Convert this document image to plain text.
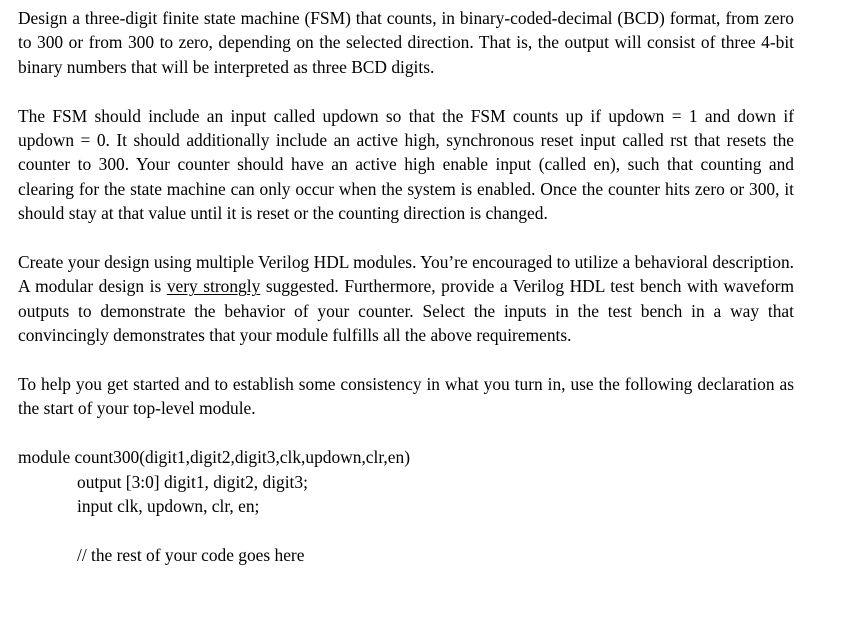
Design a three-digit finite state machine (FSM) that counts, in binary-coded-decimal (BCD) format, from zero to 300 or from 300 to zero, depending on the selected direction. That is, the output will consist of three 4-bit binary numbers that will be interpreted as three BCD digits.

The FSM should include an input called updown so that the FSM counts up if updown = 1 and down if updown = 0. It should additionally include an active high, synchronous reset input called rst that resets the counter to 300. Your counter should have an active high enable input (called en), such that counting and clearing for the state machine can only occur when the system is enabled. Once the counter hits zero or 300, it should stay at that value until it is reset or the counting direction is changed.

Create your design using multiple Verilog HDL modules. You’re encouraged to utilize a behavioral description. A modular design is very strongly suggested. Furthermore, provide a Verilog HDL test bench with waveform outputs to demonstrate the behavior of your counter. Select the inputs in the test bench in a way that convincingly demonstrates that your module fulfills all the above requirements.

To help you get started and to establish some consistency in what you turn in, use the following declaration as the start of your top-level module.

module count300(digit1,digit2,digit3,clk,updown,clr,en)
output [3:0] digit1, digit2, digit3;
input clk, updown, clr, en;
// the rest of your code goes here
